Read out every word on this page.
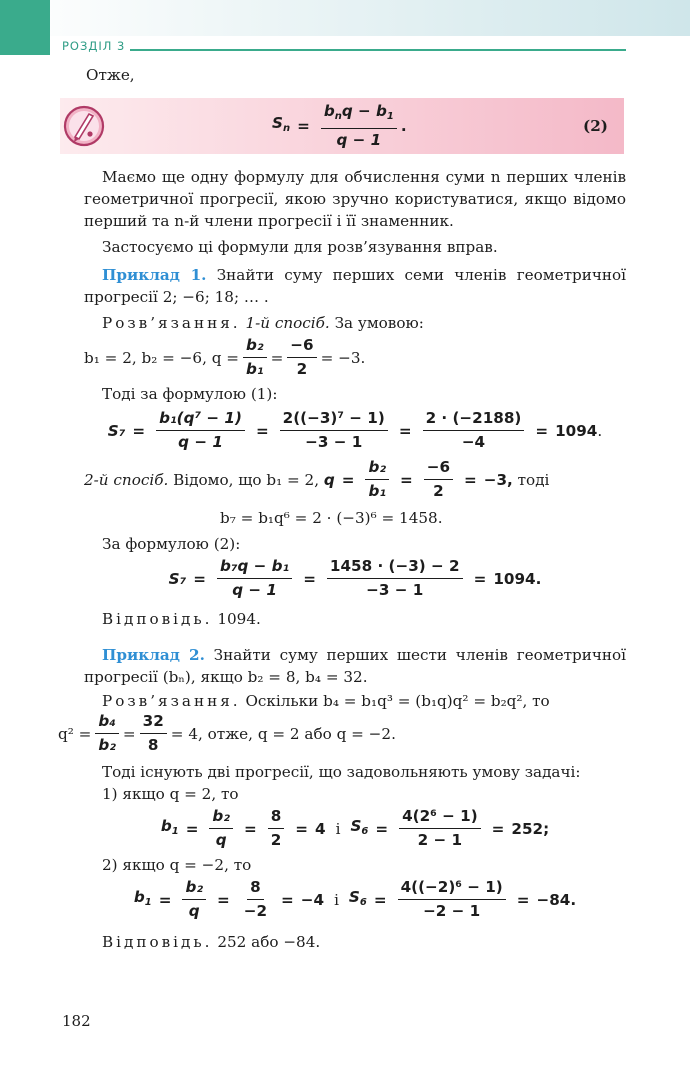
РОЗДІЛ 3

Отже,

$S_n = \frac{b_nq - b_1}{q - 1}$ .	(2)

Маємо ще одну формулу для обчислення суми n перших членів геометричної прогресії, якою зручно користуватися, якщо відомо перший та n-й члени прогресії і її знаменник.

Застосуємо ці формули для розв’язування вправ.

Приклад 1. Знайти суму перших семи членів геометричної прогресії 2; −6; 18; … .

Розв’язання. 1-й спосіб. За умовою:

b₁ = 2, b₂ = −6, $q = \frac{\text{b₂}}{\text{b₁}} = \frac{-6}{2} = -3$.

Тоді за формулою (1):

$S_7 = \frac{\text{b₁(q⁷ − 1)}}{q - 1} = \frac{\text{2((−3)⁷ − 1)}}{-3 - 1} = \frac{2 \cdot (-2188)}{-4} = 1094$ .

2-й спосіб.
Відомо, що b₁ = 2,
$q = \frac{\text{b₂}}{\text{b₁}} = \frac{-6}{2} = -3$,
тоді

b₇ = b₁q⁶ = 2 · (−3)⁶ = 1458.

За формулою (2):

$S_7 = \frac{\text{b₇q − b₁}}{q - 1} = \frac{1458 \cdot (-3) - 2}{-3 - 1} = 1094$.

Відповідь. 1094.

Приклад 2. Знайти суму перших шести членів геометричної прогресії (bₙ), якщо b₂ = 8, b₄ = 32.

Розв’язання. Оскільки b₄ = b₁q³ = (b₁q)q² = b₂q², то

$q^2 = \frac{\text{b₄}}{\text{b₂}} = \frac{32}{8} = 4$, отже, q = 2 або q = −2.

Тоді існують дві прогресії, що задовольняють умову задачі:

1) якщо q = 2, то

$b_1 = \frac{\text{b₂}}{q} = \frac{8}{2} = 4$ і $S_6 = \frac{\text{4(2⁶ − 1)}}{2 - 1} = 252$;

2) якщо q = −2, то

$b_1 = \frac{\text{b₂}}{q} = \frac{8}{-2} = -4$ і $S_6 = \frac{\text{4((−2)⁶ − 1)}}{-2 - 1} = -84$.

Відповідь. 252 або −84.

182
